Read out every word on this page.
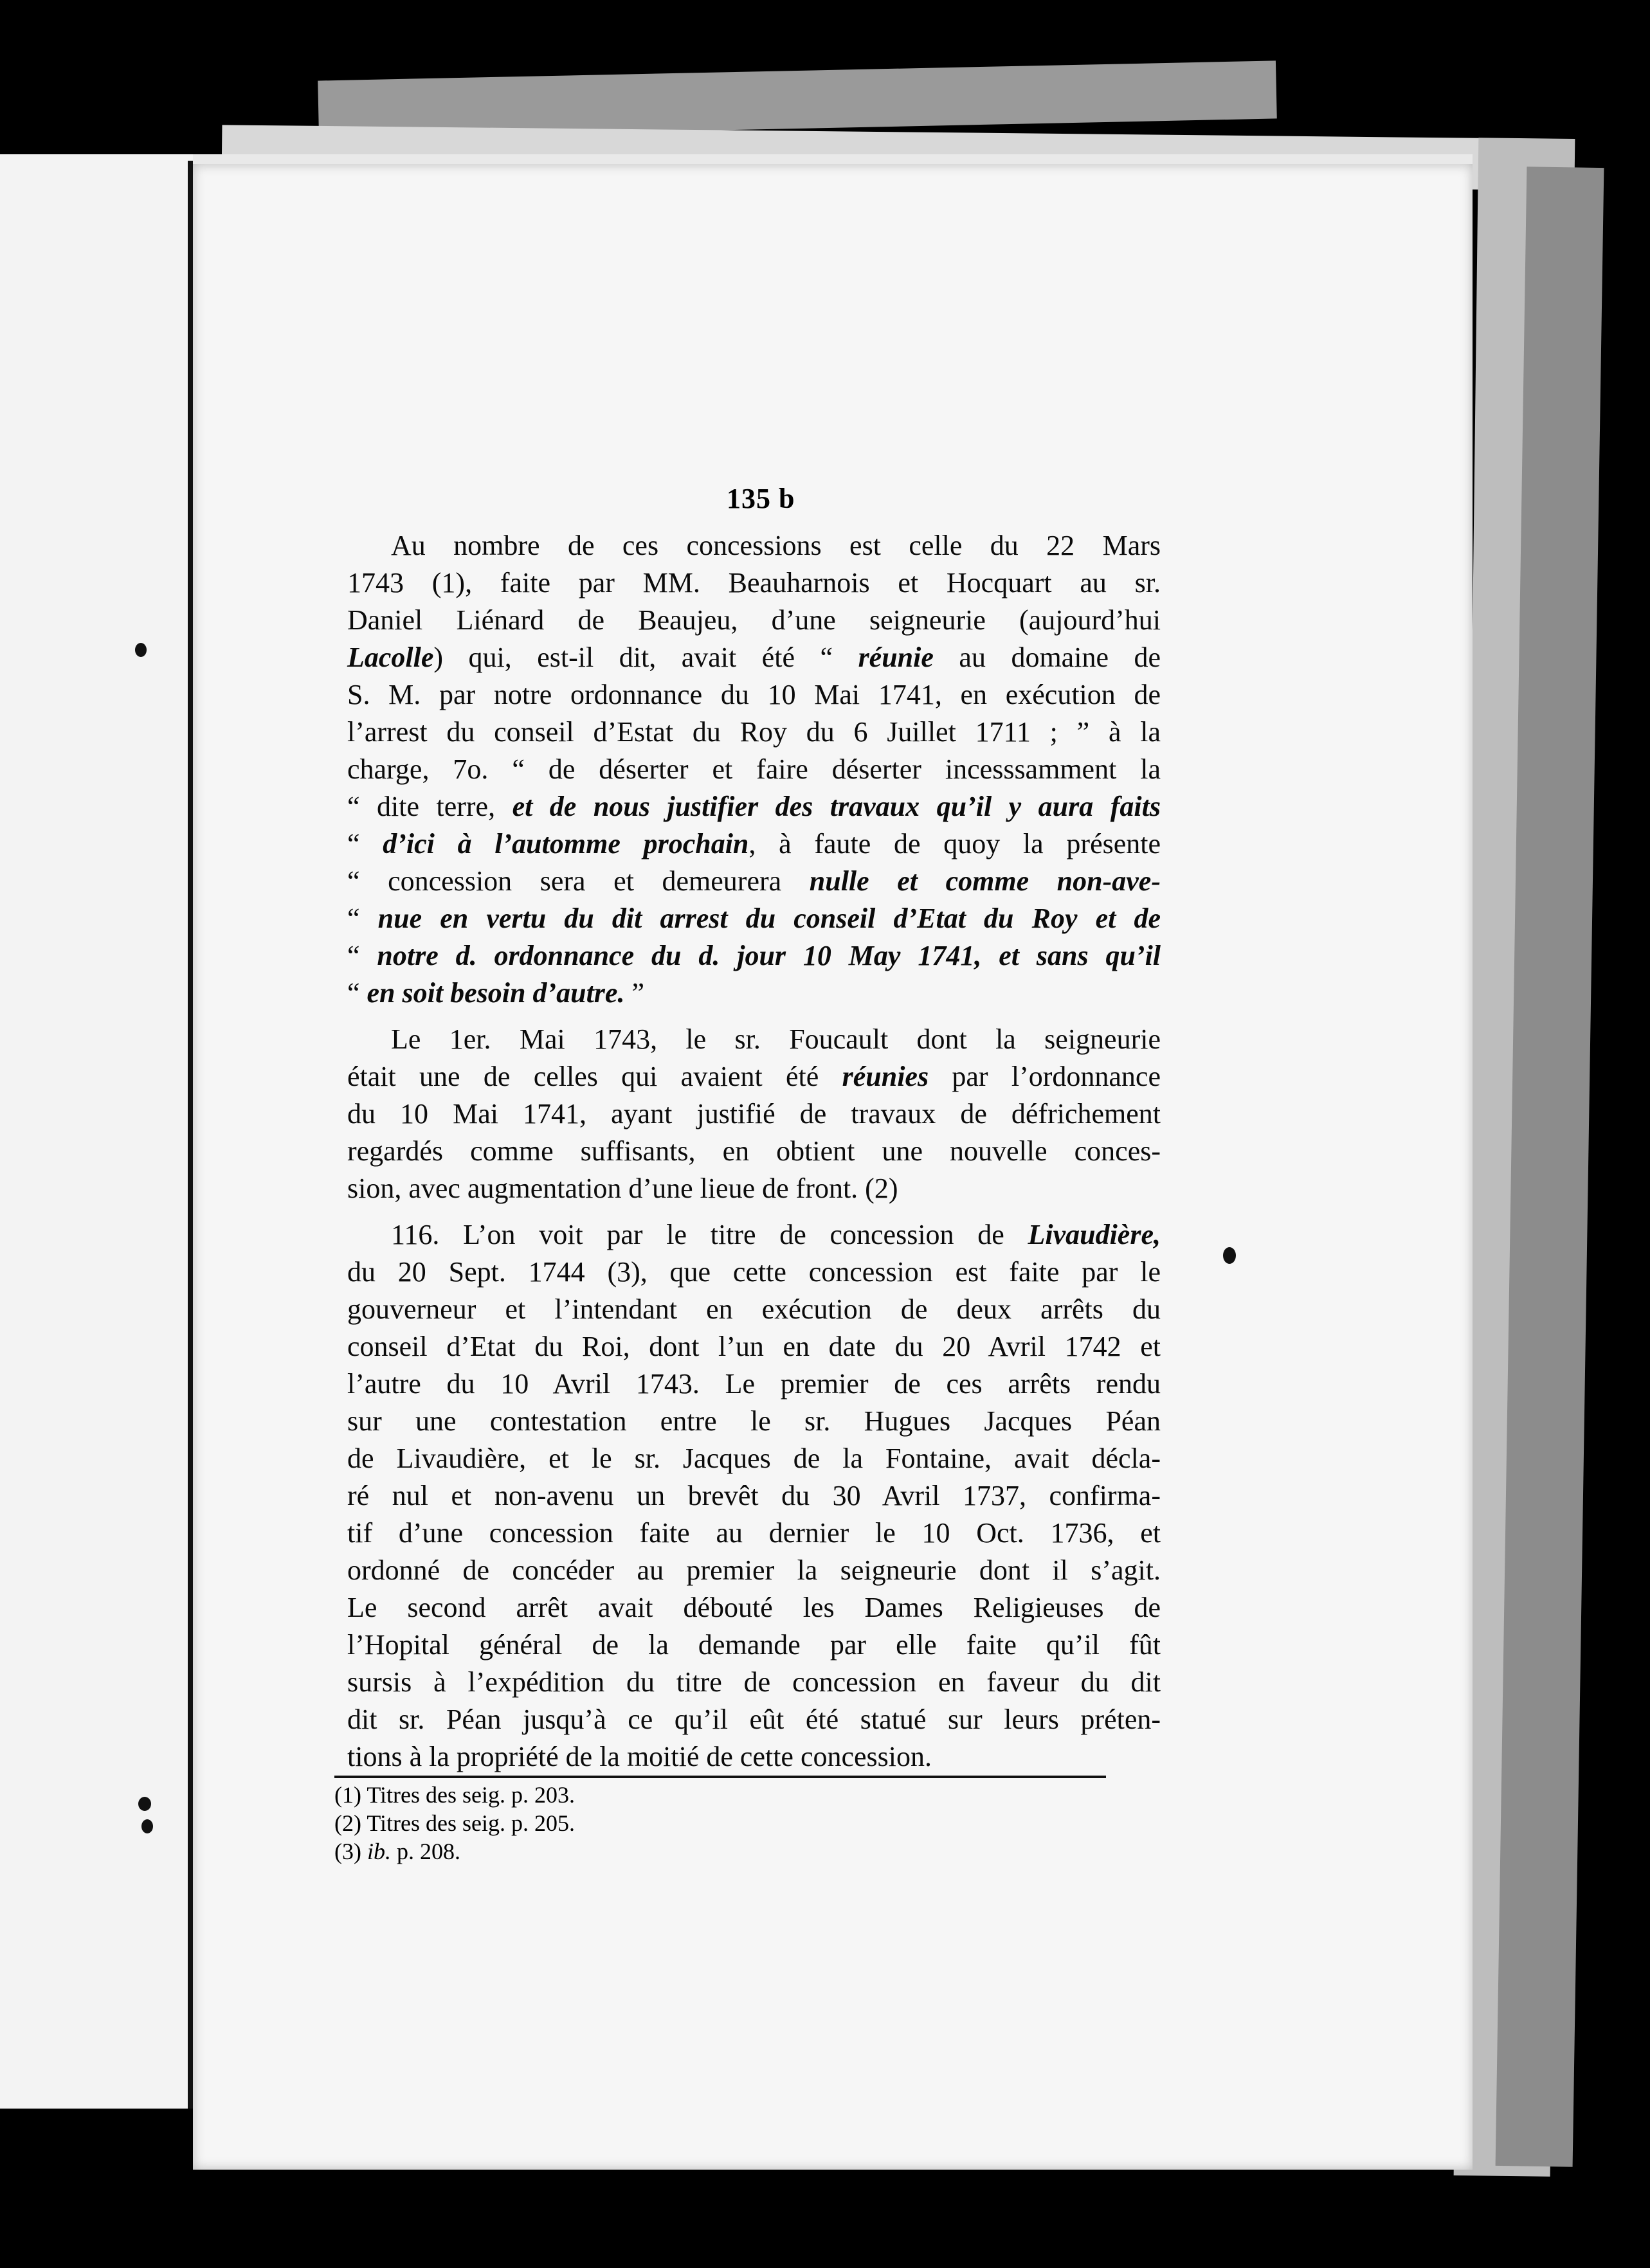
135 b

Au nombre de ces concessions est celle du 22 Mars
1743 (1), faite par MM. Beauharnois et Hocquart au sr.
Daniel Liénard de Beaujeu, d’une seigneurie (aujourd’hui
Lacolle) qui, est-il dit, avait été “ réunie au domaine de
S. M. par notre ordonnance du 10 Mai 1741, en exécution de
l’arrest du conseil d’Estat du Roy du 6 Juillet 1711 ; ” à la
charge, 7o. “ de déserter et faire déserter incesssamment la
“ dite terre, et de nous justifier des travaux qu’il y aura faits
“ d’ici à l’automme prochain, à faute de quoy la présente
“ concession sera et demeurera nulle et comme non-ave-
“ nue en vertu du dit arrest du conseil d’Etat du Roy et de
“ notre d. ordonnance du d. jour 10 May 1741, et sans qu’il
“ en soit besoin d’autre. ”

Le 1er. Mai 1743, le sr. Foucault dont la seigneurie
était une de celles qui avaient été réunies par l’ordonnance
du 10 Mai 1741, ayant justifié de travaux de défrichement
regardés comme suffisants, en obtient une nouvelle conces-
sion, avec augmentation d’une lieue de front. (2)

116. L’on voit par le titre de concession de Livaudière,
du 20 Sept. 1744 (3), que cette concession est faite par le
gouverneur et l’intendant en exécution de deux arrêts du
conseil d’Etat du Roi, dont l’un en date du 20 Avril 1742 et
l’autre du 10 Avril 1743. Le premier de ces arrêts rendu
sur une contestation entre le sr. Hugues Jacques Péan
de Livaudière, et le sr. Jacques de la Fontaine, avait décla-
ré nul et non-avenu un brevêt du 30 Avril 1737, confirma-
tif d’une concession faite au dernier le 10 Oct. 1736, et
ordonné de concéder au premier la seigneurie dont il s’agit.
Le second arrêt avait débouté les Dames Religieuses de
l’Hopital général de la demande par elle faite qu’il fût
sursis à l’expédition du titre de concession en faveur du dit
dit sr. Péan jusqu’à ce qu’il eût été statué sur leurs préten-
tions à la propriété de la moitié de cette concession.

(1) Titres des seig. p. 203.
(2) Titres des seig. p. 205.
(3) ib. p. 208.
